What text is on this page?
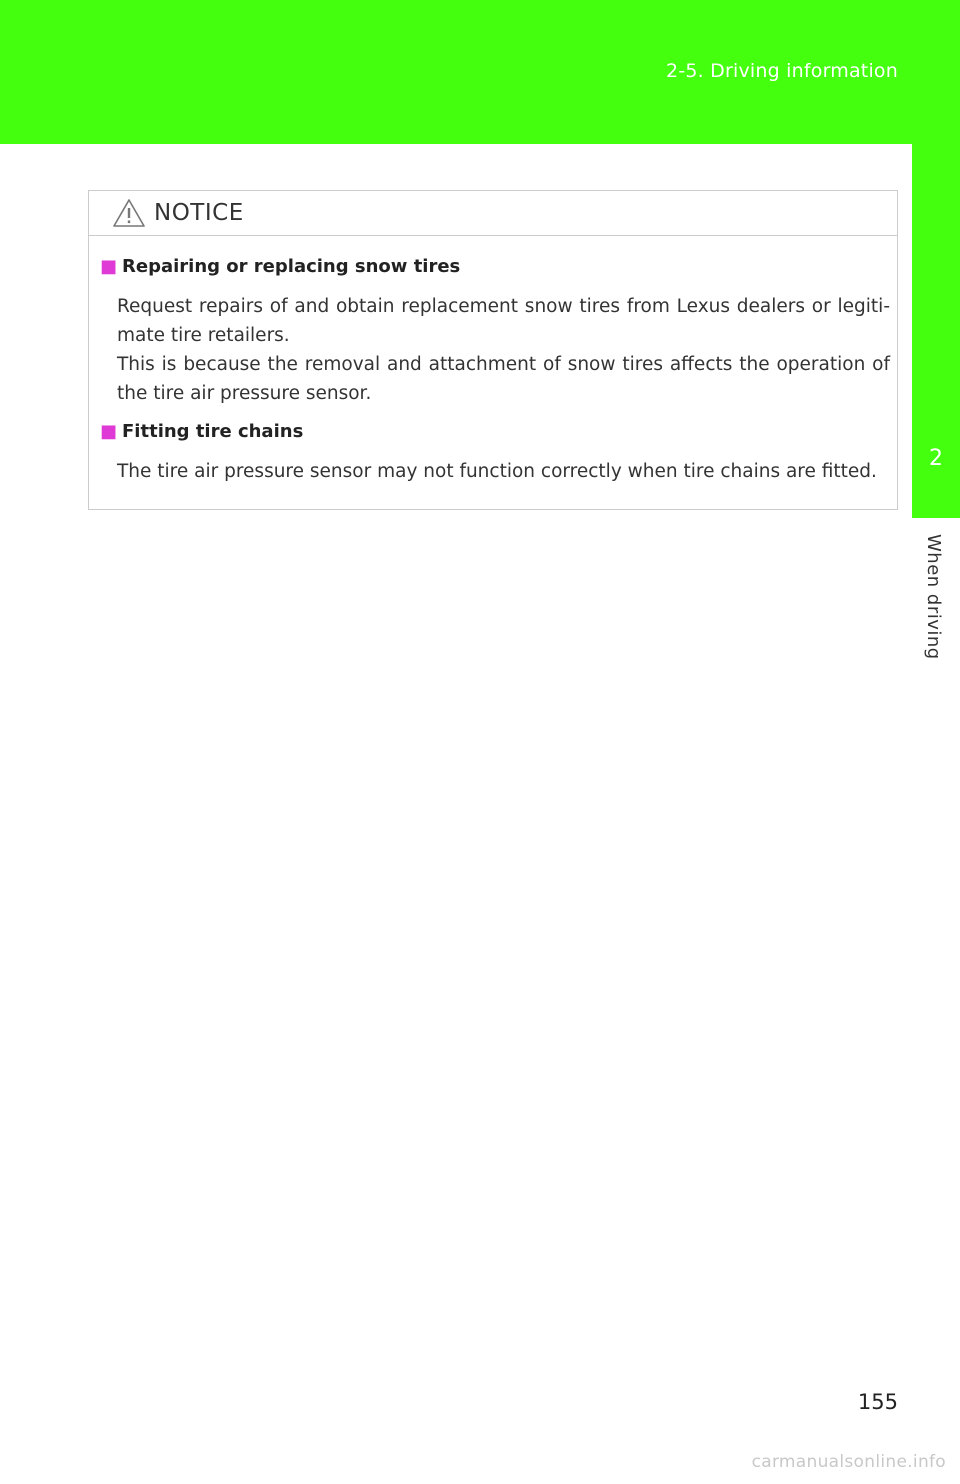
2-5. Driving information
2
When driving
NOTICE
■ Repairing or replacing snow tires

Request repairs of and obtain replacement snow tires from Lexus dealers or legiti-mate tire retailers.

This is because the removal and attachment of snow tires affects the operation of the tire air pressure sensor.

■ Fitting tire chains

The tire air pressure sensor may not function correctly when tire chains are fitted.

155
carmanualsonline.info
